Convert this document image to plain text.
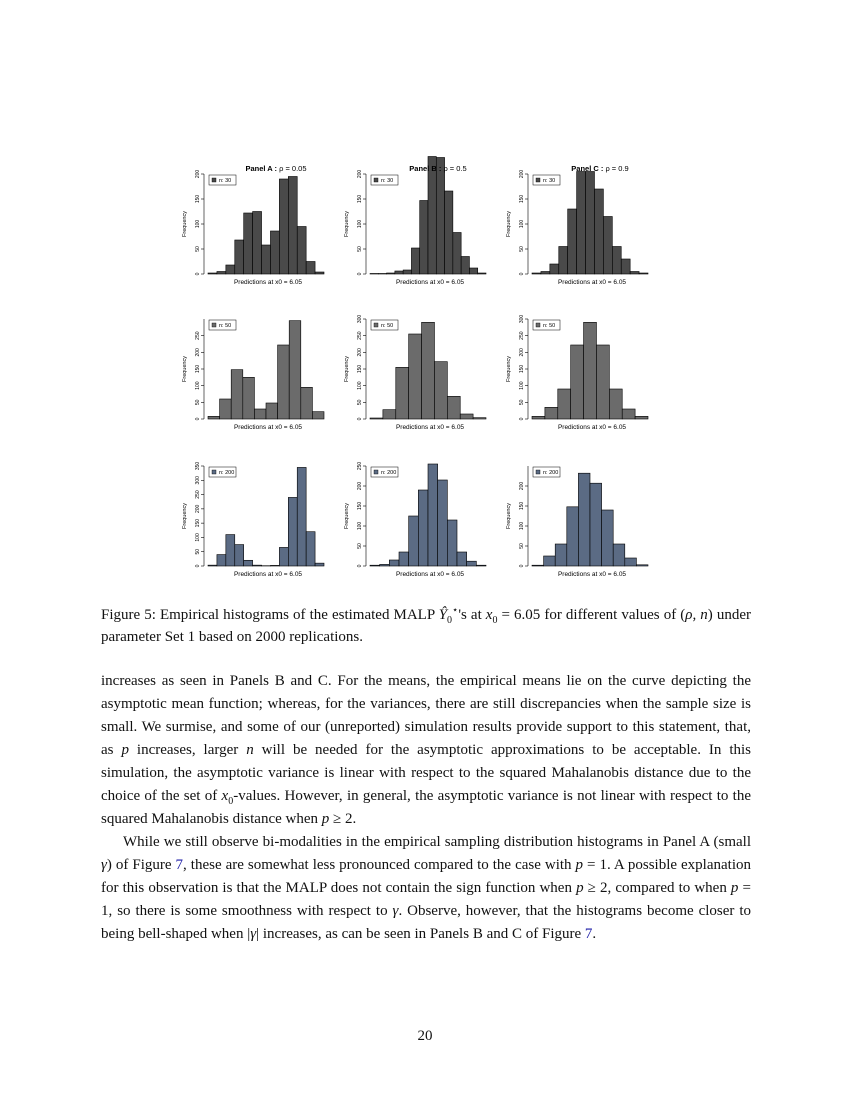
0
50
100
150
200
Frequency
Predictions at x0 = 6.05
n: 30
Panel A : ρ = 0.05
0
50
100
150
200
Frequency
Predictions at x0 = 6.05
n: 30
Panel B : ρ = 0.5
0
50
100
150
200
Frequency
Predictions at x0 = 6.05
n: 30
Panel C : ρ = 0.9
0
50
100
150
200
250
Frequency
Predictions at x0 = 6.05
n: 50
0
50
100
150
200
250
300
Frequency
Predictions at x0 = 6.05
n: 50
0
50
100
150
200
250
300
Frequency
Predictions at x0 = 6.05
n: 50
0
50
100
150
200
250
300
350
Frequency
Predictions at x0 = 6.05
n: 200
0
50
100
150
200
250
Frequency
Predictions at x0 = 6.05
n: 200
0
50
100
150
200
Frequency
Predictions at x0 = 6.05
n: 200
Figure 5: Empirical histograms of the estimated MALP $Ŷ_0^⋆'s$ at $x_0 = 6.05$ for different values of (ρ, n) under parameter Set 1 based on 2000 replications.

increases as seen in Panels B and C. For the means, the empirical means lie on the curve depicting the asymptotic mean function; whereas, for the variances, there are still discrepancies when the sample size is small. We surmise, and some of our (unreported) simulation results provide support to this statement, that, as p increases, larger n will be needed for the asymptotic approximations to be acceptable. In this simulation, the asymptotic variance is linear with respect to the squared Mahalanobis distance due to the choice of the set of $x_0$-values. However, in general, the asymptotic variance is not linear with respect to the squared Mahalanobis distance when p ≥ 2.

While we still observe bi-modalities in the empirical sampling distribution histograms in Panel A (small γ) of Figure 7, these are somewhat less pronounced compared to the case with p = 1. A possible explanation for this observation is that the MALP does not contain the sign function when p ≥ 2, compared to when p = 1, so there is some smoothness with respect to γ. Observe, however, that the histograms become closer to being bell-shaped when |γ| increases, as can be seen in Panels B and C of Figure 7.

20
